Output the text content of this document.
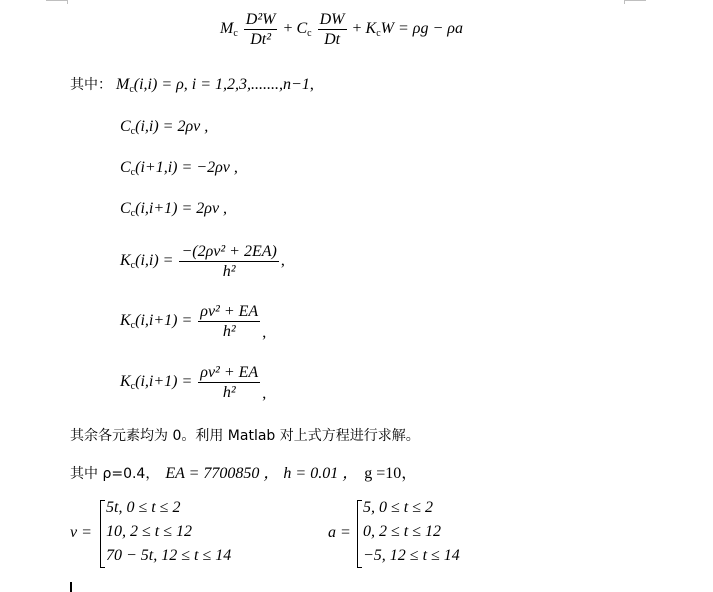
$M_c \frac{\text{D²W}}{\text{Dt²}} + C_c \frac{DW}{Dt} + K_cW = \rho g - \rho a$
其中： $M_c(i,i) = \rho$, i = 1,2,3,.......,n−1,
$C_c(i,i) = 2\rho v$ ,
$C_c(i+1,i) = -2\rho v$ ,
$C_c(i,i+1) = 2\rho v$ ,
$K_c(i,i) = \frac{\text{−(2ρv² + 2EA)}}{\text{h²}}$ ,
$K_c(i,i+1) = \frac{\text{ρv² + EA}}{\text{h²}}$ ,
$K_c(i,i+1) = \frac{\text{ρv² + EA}}{\text{h²}}$ ,
其余各元素均为 0。利用 Matlab 对上式方程进行求解。
其中 ρ=0.4， EA = 7700850 ， h = 0.01 ， g =10，
v =
5t, 0 ≤ t ≤ 2
10, 2 ≤ t ≤ 12
70 − 5t, 12 ≤ t ≤ 14
a =
5, 0 ≤ t ≤ 2
0, 2 ≤ t ≤ 12
−5, 12 ≤ t ≤ 14
